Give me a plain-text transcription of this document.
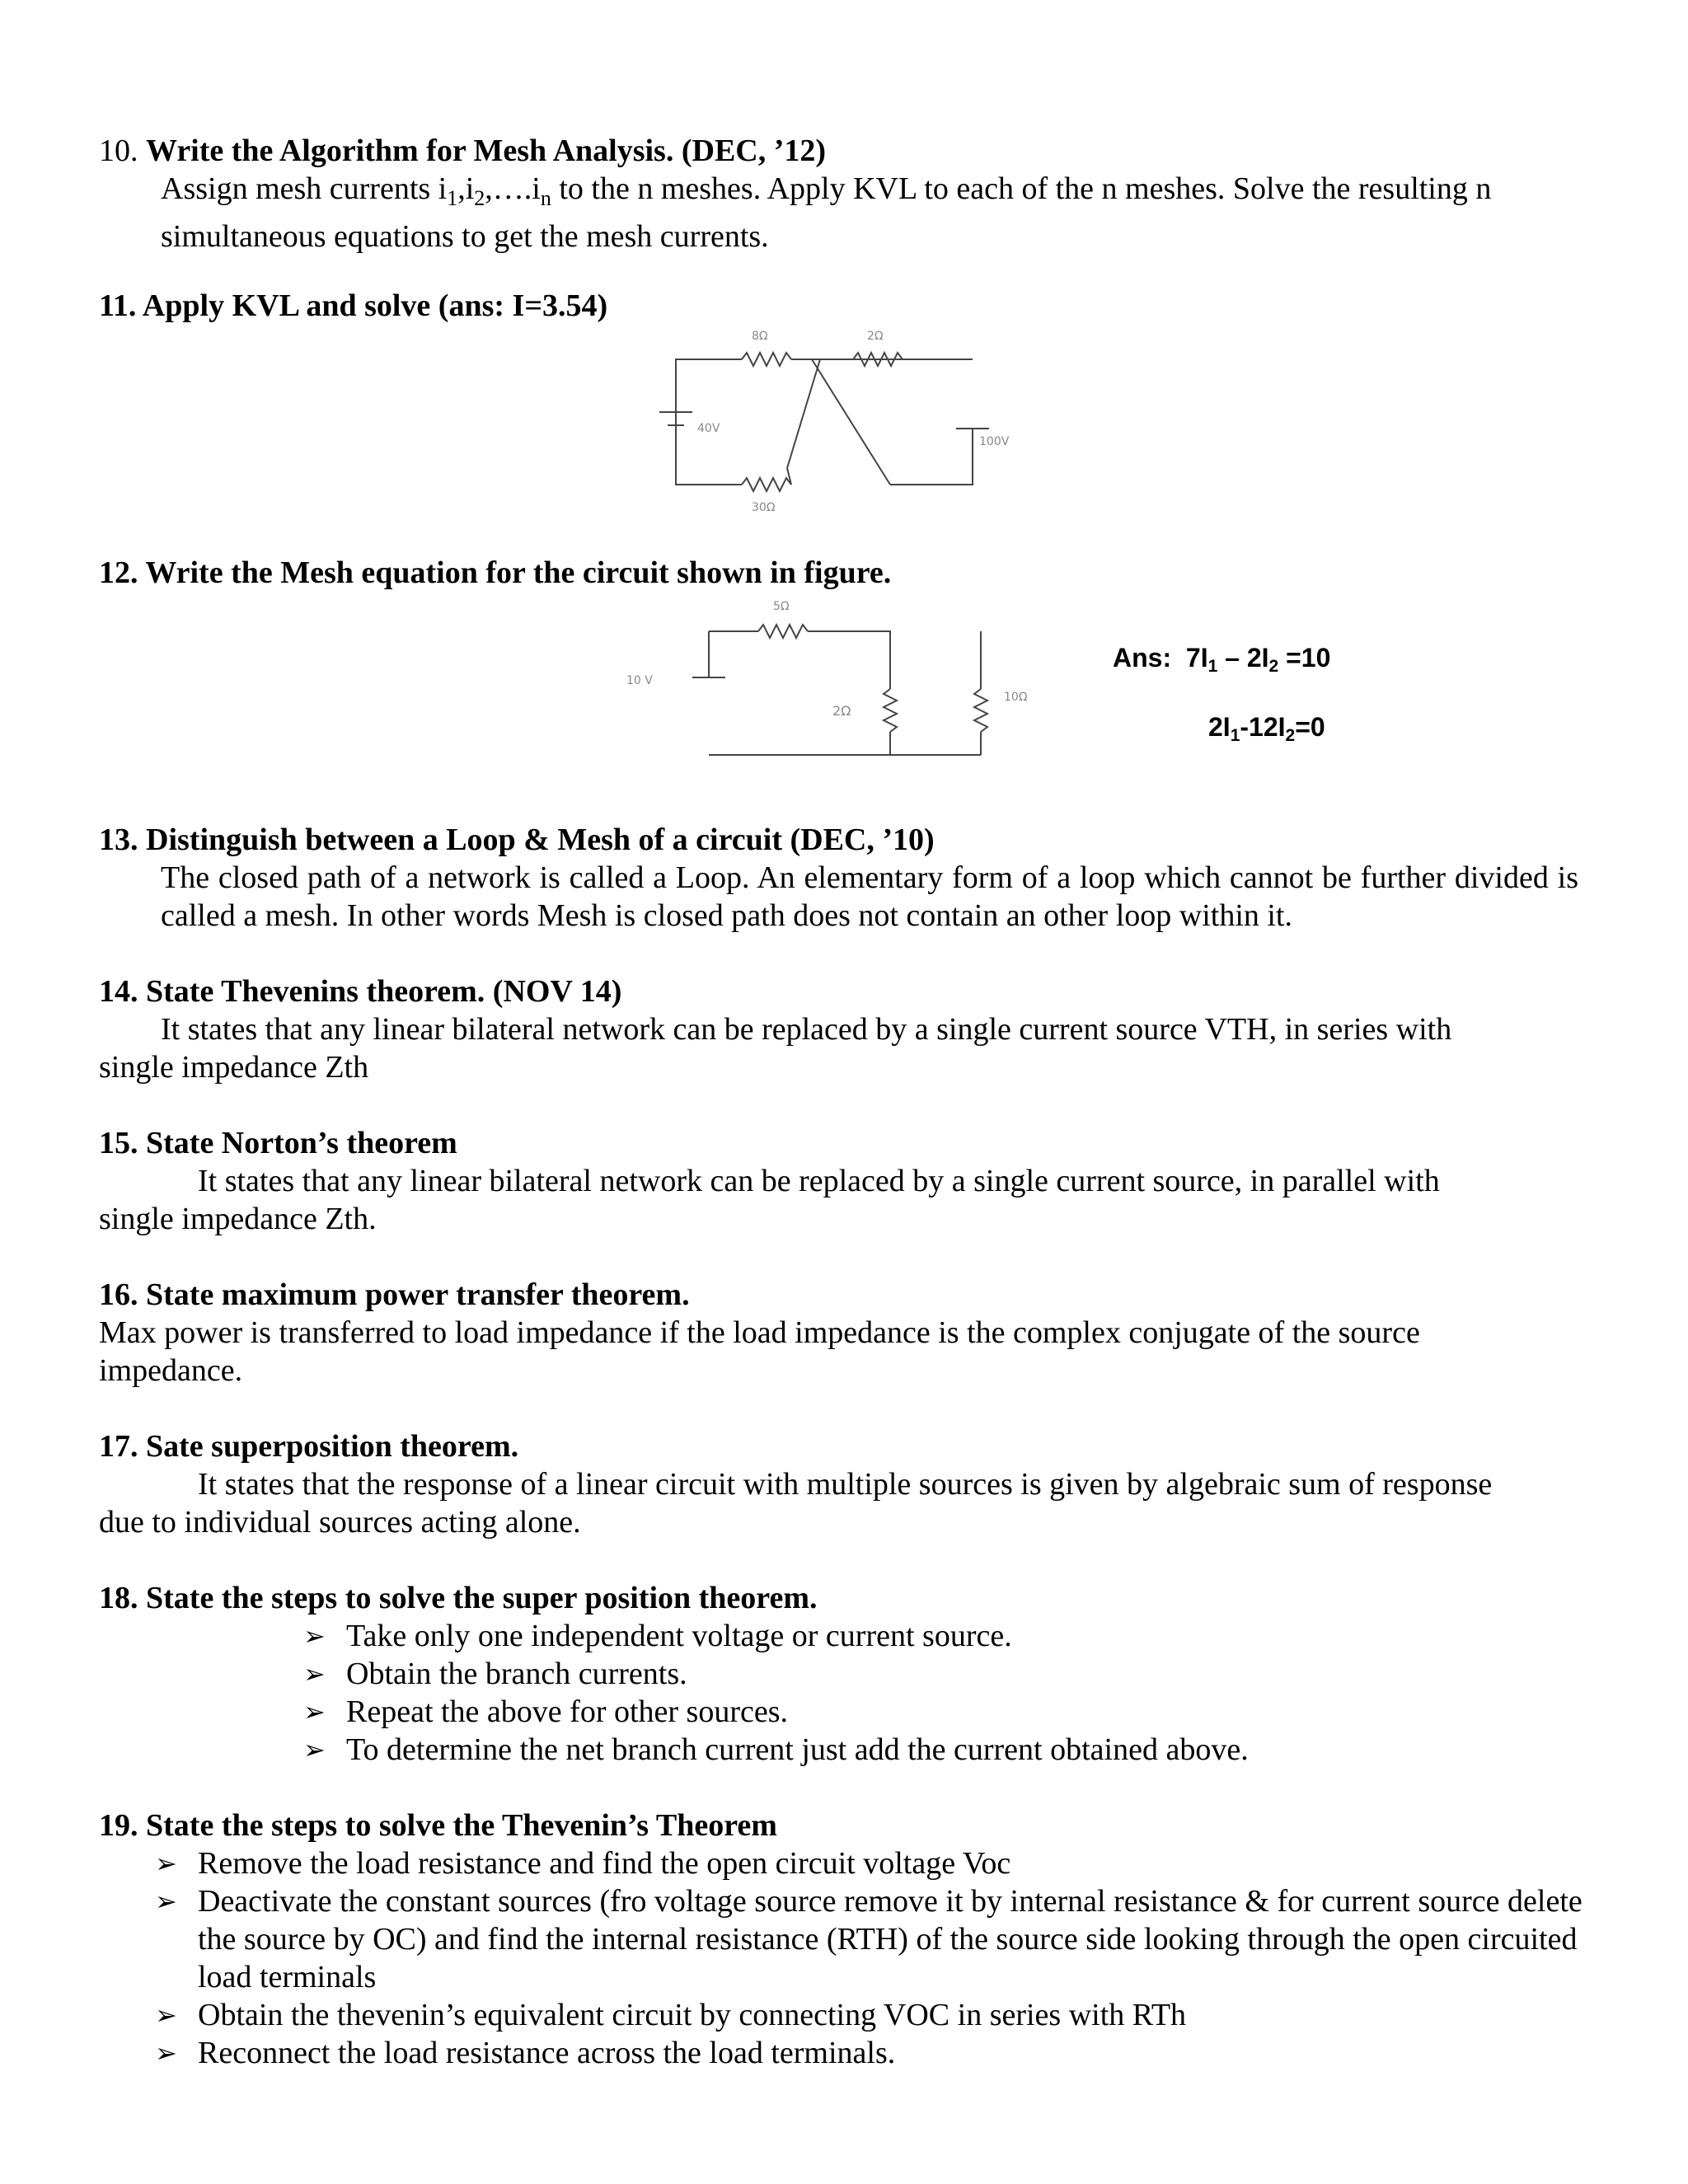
10. Write the Algorithm for Mesh Analysis. (DEC, ’12)

Assign mesh currents $i_1,i_2,\dots.i_n$ to the n meshes. Apply KVL to each of the n meshes. Solve the resulting n simultaneous equations to get the mesh currents.

11. Apply KVL and solve (ans: I=3.54)

8Ω	2Ω
40V
100V
30Ω

12. Write the Mesh equation for the circuit shown in figure.

5Ω
10 V
2Ω
10Ω
Ans: 7I1 – 2I2 =10
2I1-12I2=0

13. Distinguish between a Loop & Mesh of a circuit (DEC, ’10)

The closed path of a network is called a Loop. An elementary form of a loop which cannot be further divided is called a mesh. In other words Mesh is closed path does not contain an other loop within it.

14. State Thevenins theorem. (NOV 14)

It states that any linear bilateral network can be replaced by a single current source VTH, in series with

single impedance Zth

15. State Norton’s theorem

It states that any linear bilateral network can be replaced by a single current source, in parallel with

single impedance Zth.

16. State maximum power transfer theorem.

Max power is transferred to load impedance if the load impedance is the complex conjugate of the source

impedance.

17. Sate superposition theorem.

It states that the response of a linear circuit with multiple sources is given by algebraic sum of response

due to individual sources acting alone.

18. State the steps to solve the super position theorem.

➢ Take only one independent voltage or current source.
➢ Obtain the branch currents.
➢ Repeat the above for other sources.
➢ To determine the net branch current just add the current obtained above.

19. State the steps to solve the Thevenin’s Theorem

➢ Remove the load resistance and find the open circuit voltage Voc
➢ Deactivate the constant sources (fro voltage source remove it by internal resistance & for current source delete the source by OC) and find the internal resistance (RTH) of the source side looking through the open circuited load terminals
➢ Obtain the thevenin’s equivalent circuit by connecting VOC in series with RTh
➢ Reconnect the load resistance across the load terminals.
